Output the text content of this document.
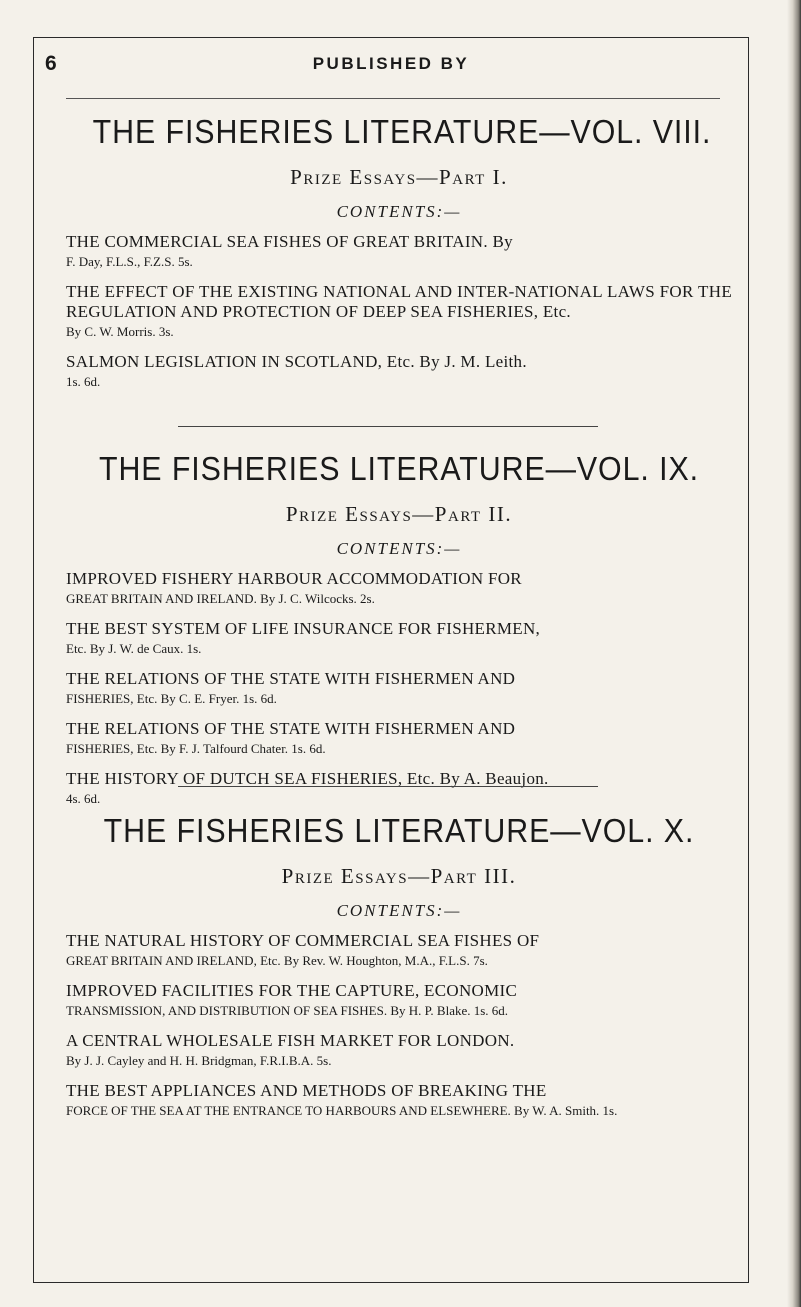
6	PUBLISHED BY
THE FISHERIES LITERATURE—VOL. VIII.
Prize Essays—Part I.
CONTENTS:—
THE COMMERCIAL SEA FISHES OF GREAT BRITAIN. By
F. Day, F.L.S., F.Z.S. 5s.
THE EFFECT OF THE EXISTING NATIONAL AND INTER-NATIONAL LAWS FOR THE REGULATION AND PROTECTION OF DEEP SEA FISHERIES, Etc.
By C. W. Morris. 3s.
SALMON LEGISLATION IN SCOTLAND, Etc. By J. M. Leith.
1s. 6d.
THE FISHERIES LITERATURE—VOL. IX.
Prize Essays—Part II.
CONTENTS:—
IMPROVED FISHERY HARBOUR ACCOMMODATION FOR
GREAT BRITAIN AND IRELAND. By J. C. Wilcocks. 2s.
THE BEST SYSTEM OF LIFE INSURANCE FOR FISHERMEN,
Etc. By J. W. de Caux. 1s.
THE RELATIONS OF THE STATE WITH FISHERMEN AND
FISHERIES, Etc. By C. E. Fryer. 1s. 6d.
THE RELATIONS OF THE STATE WITH FISHERMEN AND
FISHERIES, Etc. By F. J. Talfourd Chater. 1s. 6d.
THE HISTORY OF DUTCH SEA FISHERIES, Etc. By A. Beaujon.
4s. 6d.
THE FISHERIES LITERATURE—VOL. X.
Prize Essays—Part III.
CONTENTS:—
THE NATURAL HISTORY OF COMMERCIAL SEA FISHES OF
GREAT BRITAIN AND IRELAND, Etc. By Rev. W. Houghton, M.A., F.L.S. 7s.
IMPROVED FACILITIES FOR THE CAPTURE, ECONOMIC
TRANSMISSION, AND DISTRIBUTION OF SEA FISHES. By H. P. Blake. 1s. 6d.
A CENTRAL WHOLESALE FISH MARKET FOR LONDON.
By J. J. Cayley and H. H. Bridgman, F.R.I.B.A. 5s.
THE BEST APPLIANCES AND METHODS OF BREAKING THE
FORCE OF THE SEA AT THE ENTRANCE TO HARBOURS AND ELSEWHERE. By W. A. Smith. 1s.
